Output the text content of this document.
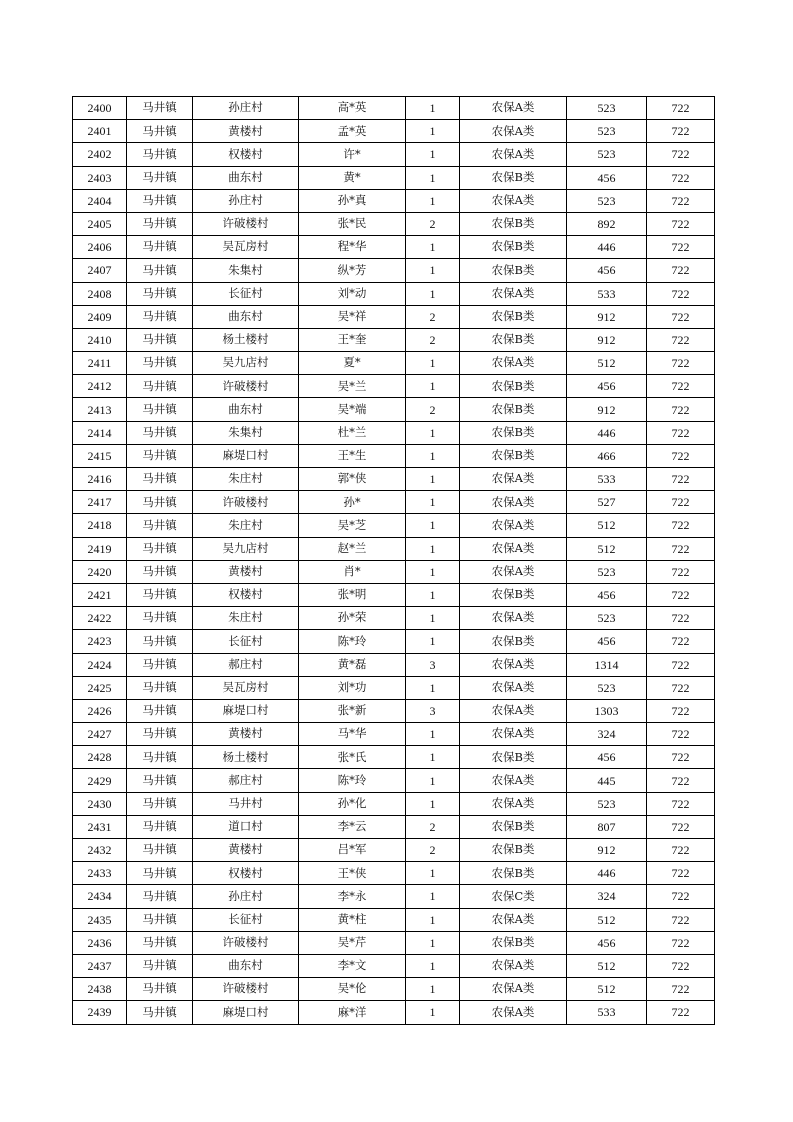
2400	马井镇	孙庄村	高*英	1	农保A类	523	722
2401	马井镇	黄楼村	孟*英	1	农保A类	523	722
2402	马井镇	权楼村	许*	1	农保A类	523	722
2403	马井镇	曲东村	黄*	1	农保B类	456	722
2404	马井镇	孙庄村	孙*真	1	农保A类	523	722
2405	马井镇	许破楼村	张*民	2	农保B类	892	722
2406	马井镇	吴瓦房村	程*华	1	农保B类	446	722
2407	马井镇	朱集村	纵*芳	1	农保B类	456	722
2408	马井镇	长征村	刘*动	1	农保A类	533	722
2409	马井镇	曲东村	吴*祥	2	农保B类	912	722
2410	马井镇	杨土楼村	王*奎	2	农保B类	912	722
2411	马井镇	吴九店村	夏*	1	农保A类	512	722
2412	马井镇	许破楼村	吴*兰	1	农保B类	456	722
2413	马井镇	曲东村	吴*端	2	农保B类	912	722
2414	马井镇	朱集村	杜*兰	1	农保B类	446	722
2415	马井镇	麻堤口村	王*生	1	农保B类	466	722
2416	马井镇	朱庄村	郭*侠	1	农保A类	533	722
2417	马井镇	许破楼村	孙*	1	农保A类	527	722
2418	马井镇	朱庄村	吴*芝	1	农保A类	512	722
2419	马井镇	吴九店村	赵*兰	1	农保A类	512	722
2420	马井镇	黄楼村	肖*	1	农保A类	523	722
2421	马井镇	权楼村	张*明	1	农保B类	456	722
2422	马井镇	朱庄村	孙*荣	1	农保A类	523	722
2423	马井镇	长征村	陈*玲	1	农保B类	456	722
2424	马井镇	郝庄村	黄*磊	3	农保A类	1314	722
2425	马井镇	吴瓦房村	刘*功	1	农保A类	523	722
2426	马井镇	麻堤口村	张*新	3	农保A类	1303	722
2427	马井镇	黄楼村	马*华	1	农保A类	324	722
2428	马井镇	杨土楼村	张*氏	1	农保B类	456	722
2429	马井镇	郝庄村	陈*玲	1	农保A类	445	722
2430	马井镇	马井村	孙*化	1	农保A类	523	722
2431	马井镇	道口村	李*云	2	农保B类	807	722
2432	马井镇	黄楼村	吕*军	2	农保B类	912	722
2433	马井镇	权楼村	王*侠	1	农保B类	446	722
2434	马井镇	孙庄村	李*永	1	农保C类	324	722
2435	马井镇	长征村	黄*柱	1	农保A类	512	722
2436	马井镇	许破楼村	吴*芹	1	农保B类	456	722
2437	马井镇	曲东村	李*文	1	农保A类	512	722
2438	马井镇	许破楼村	吴*伦	1	农保A类	512	722
2439	马井镇	麻堤口村	麻*洋	1	农保A类	533	722
